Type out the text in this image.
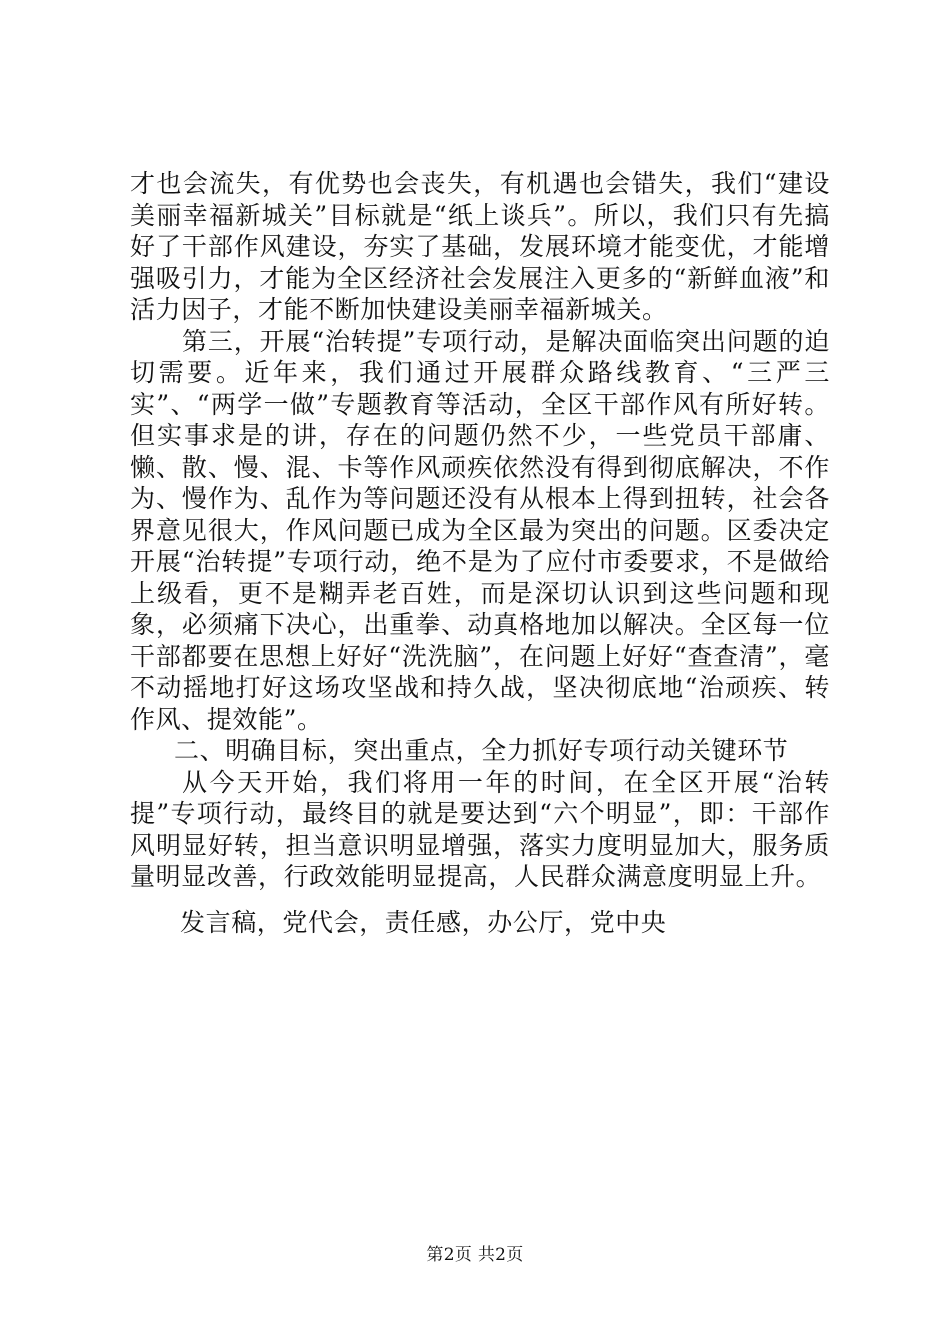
才也会流失，有优势也会丧失，有机遇也会错失，我们“建设美丽幸福新城关”目标就是“纸上谈兵”。所以，我们只有先搞好了干部作风建设，夯实了基础，发展环境才能变优，才能增强吸引力，才能为全区经济社会发展注入更多的“新鲜血液”和活力因子，才能不断加快建设美丽幸福新城关。

第三，开展“治转提”专项行动，是解决面临突出问题的迫切需要。近年来，我们通过开展群众路线教育、“三严三实”、“两学一做”专题教育等活动，全区干部作风有所好转。但实事求是的讲，存在的问题仍然不少，一些党员干部庸、懒、散、慢、混、卡等作风顽疾依然没有得到彻底解决，不作为、慢作为、乱作为等问题还没有从根本上得到扭转，社会各界意见很大，作风问题已成为全区最为突出的问题。区委决定开展“治转提”专项行动，绝不是为了应付市委要求，不是做给上级看，更不是糊弄老百姓，而是深切认识到这些问题和现象，必须痛下决心，出重拳、动真格地加以解决。全区每一位干部都要在思想上好好“洗洗脑”，在问题上好好“查查清”，毫不动摇地打好这场攻坚战和持久战，坚决彻底地“治顽疾、转作风、提效能”。

二、明确目标，突出重点，全力抓好专项行动关键环节

从今天开始，我们将用一年的时间，在全区开展“治转提”专项行动，最终目的就是要达到“六个明显”，即：干部作风明显好转，担当意识明显增强，落实力度明显加大，服务质量明显改善，行政效能明显提高，人民群众满意度明显上升。

发言稿，党代会，责任感，办公厅，党中央
第2页 共2页
